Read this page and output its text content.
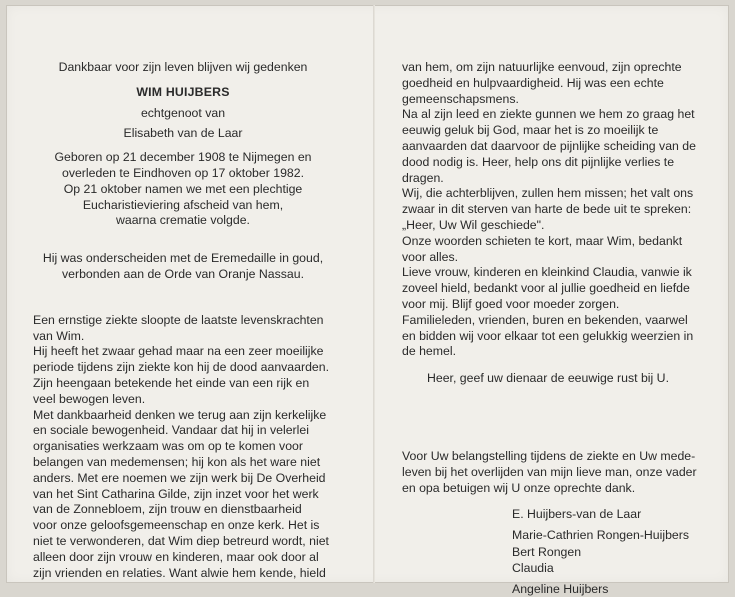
Dankbaar voor zijn leven blijven wij gedenken
WIM HUIJBERS
echtgenoot van
Elisabeth van de Laar
Geboren op 21 december 1908 te Nijmegen en
overleden te Eindhoven op 17 oktober 1982.
Op 21 oktober namen we met een plechtige
Eucharistieviering afscheid van hem,
waarna crematie volgde.
Hij was onderscheiden met de Eremedaille in goud,
verbonden aan de Orde van Oranje Nassau.
Een ernstige ziekte sloopte de laatste levenskrachten
van Wim.
Hij heeft het zwaar gehad maar na een zeer moeilijke
periode tijdens zijn ziekte kon hij de dood aanvaarden.
Zijn heengaan betekende het einde van een rijk en
veel bewogen leven.
Met dankbaarheid denken we terug aan zijn kerkelijke
en sociale bewogenheid. Vandaar dat hij in velerlei
organisaties werkzaam was om op te komen voor
belangen van medemensen; hij kon als het ware niet
anders. Met ere noemen we zijn werk bij De Overheid
van het Sint Catharina Gilde, zijn inzet voor het werk
van de Zonnebloem, zijn trouw en dienstbaarheid
voor onze geloofsgemeenschap en onze kerk. Het is
niet te verwonderen, dat Wim diep betreurd wordt, niet
alleen door zijn vrouw en kinderen, maar ook door al
zijn vrienden en relaties. Want alwie hem kende, hield
van hem, om zijn natuurlijke eenvoud, zijn oprechte
goedheid en hulpvaardigheid. Hij was een echte
gemeenschapsmens.
Na al zijn leed en ziekte gunnen we hem zo graag het
eeuwig geluk bij God, maar het is zo moeilijk te
aanvaarden dat daarvoor de pijnlijke scheiding van de
dood nodig is. Heer, help ons dit pijnlijke verlies te
dragen.
Wij, die achterblijven, zullen hem missen; het valt ons
zwaar in dit sterven van harte de bede uit te spreken:
„Heer, Uw Wil geschiede".
Onze woorden schieten te kort, maar Wim, bedankt
voor alles.
Lieve vrouw, kinderen en kleinkind Claudia, vanwie ik
zoveel hield, bedankt voor al jullie goedheid en liefde
voor mij. Blijf goed voor moeder zorgen.
Familieleden, vrienden, buren en bekenden, vaarwel
en bidden wij voor elkaar tot een gelukkig weerzien in
de hemel.
Heer, geef uw dienaar de eeuwige rust bij U.
Voor Uw belangstelling tijdens de ziekte en Uw mede-
leven bij het overlijden van mijn lieve man, onze vader
en opa betuigen wij U onze oprechte dank.
E. Huijbers-van de Laar
Marie-Cathrien Rongen-Huijbers
Bert Rongen
Claudia
Angeline Huijbers
